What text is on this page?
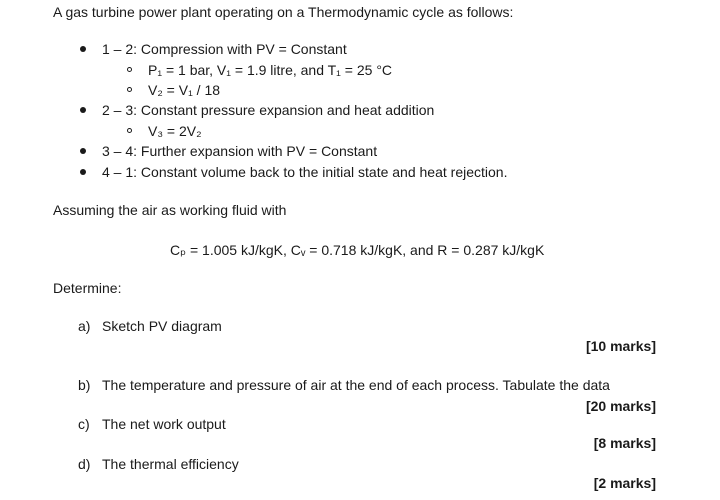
A gas turbine power plant operating on a Thermodynamic cycle as follows:
1 – 2: Compression with PV = Constant
P₁ = 1 bar, V₁ = 1.9 litre, and T₁ = 25 °C
V₂ = V₁ / 18
2 – 3: Constant pressure expansion and heat addition
V₃ = 2V₂
3 – 4: Further expansion with PV = Constant
4 – 1: Constant volume back to the initial state and heat rejection.
Assuming the air as working fluid with
Cₚ = 1.005 kJ/kgK, Cᵥ = 0.718 kJ/kgK, and R = 0.287 kJ/kgK
Determine:
a) Sketch PV diagram
[10 marks]
b) The temperature and pressure of air at the end of each process. Tabulate the data
[20 marks]
c) The net work output
[8 marks]
d) The thermal efficiency
[2 marks]
